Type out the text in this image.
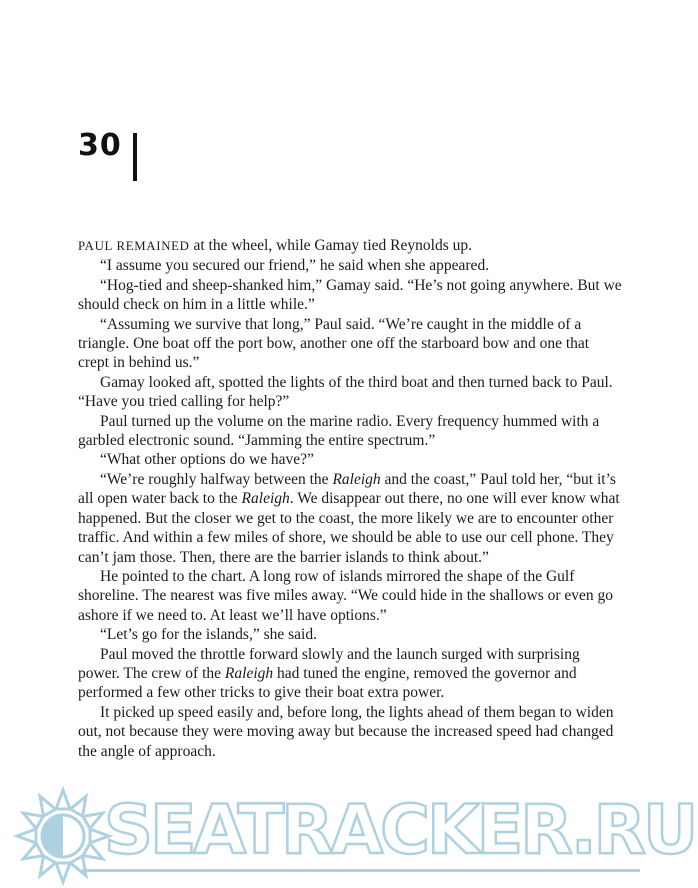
30

PAUL REMAINED at the wheel, while Gamay tied Reynolds up.

“I assume you secured our friend,” he said when she appeared.

“Hog-tied and sheep-shanked him,” Gamay said. “He’s not going anywhere. But we should check on him in a little while.”

“Assuming we survive that long,” Paul said. “We’re caught in the middle of a triangle. One boat off the port bow, another one off the starboard bow and one that crept in behind us.”

Gamay looked aft, spotted the lights of the third boat and then turned back to Paul. “Have you tried calling for help?”

Paul turned up the volume on the marine radio. Every frequency hummed with a garbled electronic sound. “Jamming the entire spectrum.”

“What other options do we have?”

“We’re roughly halfway between the Raleigh and the coast,” Paul told her, “but it’s all open water back to the Raleigh. We disappear out there, no one will ever know what happened. But the closer we get to the coast, the more likely we are to encounter other traffic. And within a few miles of shore, we should be able to use our cell phone. They can’t jam those. Then, there are the barrier islands to think about.”

He pointed to the chart. A long row of islands mirrored the shape of the Gulf shoreline. The nearest was five miles away. “We could hide in the shallows or even go ashore if we need to. At least we’ll have options.”

“Let’s go for the islands,” she said.

Paul moved the throttle forward slowly and the launch surged with surprising power. The crew of the Raleigh had tuned the engine, removed the governor and performed a few other tricks to give their boat extra power.

It picked up speed easily and, before long, the lights ahead of them began to widen out, not because they were moving away but because the increased speed had changed the angle of approach.

SEATRACKER.RU
